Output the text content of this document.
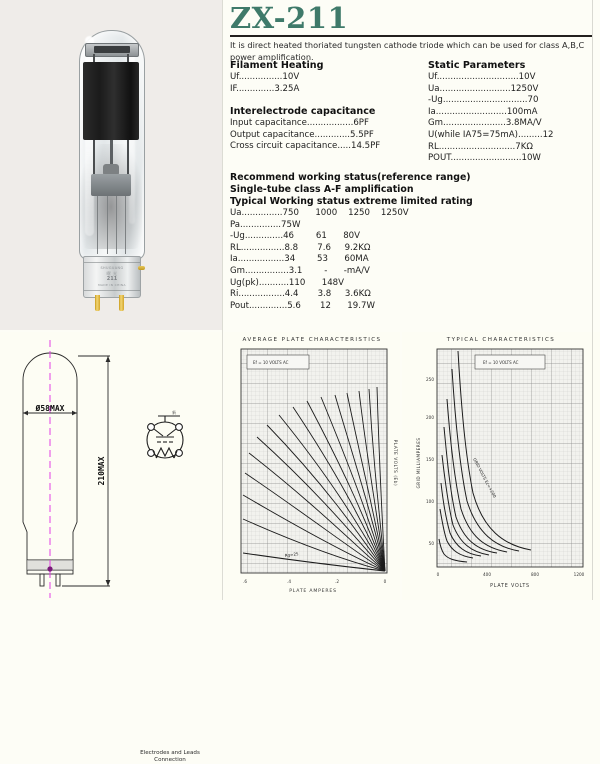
SHUGUANG
曙 光
211
MADE IN CHINA
ZX-211
It is direct heated thoriated tungsten cathode triode which can be used for class A,B,C power amplification.
Filament Heating
Uf................10V
IF..............3.25A
Interelectrode capacitance
Input capacitance.................6PF
Output capacitance.............5.5PF
Cross circuit capacitance.....14.5PF
Static Parameters
Uf..............................10V
Ua..........................1250V
-Ug...............................70
Ia..........................100mA
Gm.......................3.8MA/V
U(while IA75=75mA).........12
RL............................7KΩ
POUT..........................10W
Recommend working status(reference range)
Single-tube class A-F amplification
Typical Working status extreme limited rating
Ua...............750      1000    1250    1250V
Pa...............75W
-Ug..............46        61      80V
RL................8.8       7.6     9.2KΩ
Ia.................34        53      60MA
Gm................3.1        -      -mA/V
Ug(pk)...........110      148V
Ri.................4.4       3.8     3.6KΩ
Pout..............5.6       12      19.7W
Ø58MAX
210MAX
新
Electrodes and Leads
Connection
AVERAGE PLATE CHARACTERISTICS
Ef = 10 VOLTS AC
Rg=25
0
.2
.4
.6
PLATE AMPERES
PLATE VOLTS (Eb)
TYPICAL CHARACTERISTICS
Ef = 10 VOLTS AC
GRID VOLTS Ec=+200
50
100
150
200
250
0	400	800	1200
PLATE VOLTS
GRID MILLIAMPERES
